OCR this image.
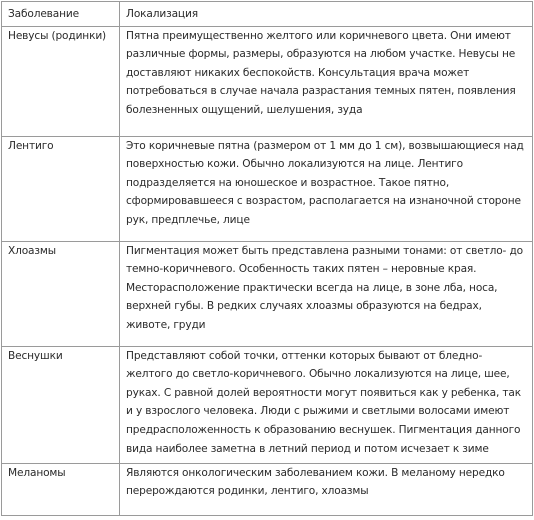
Заболевание	Локализация
Невусы (родинки)	Пятна преимущественно желтого или коричневого цвета. Они имеют различные формы, размеры, образуются на любом участке. Невусы не доставляют никаких беспокойств. Консультация врача может потребоваться в случае начала разрастания темных пятен, появления болезненных ощущений, шелушения, зуда
Лентиго	Это коричневые пятна (размером от 1 мм до 1 см), возвышающиеся над поверхностью кожи. Обычно локализуются на лице. Лентиго подразделяется на юношеское и возрастное. Такое пятно, сформировавшееся с возрастом, располагается на изнаночной стороне рук, предплечье, лице
Хлоазмы	Пигментация может быть представлена разными тонами: от светло- до темно-коричневого. Особенность таких пятен – неровные края. Месторасположение практически всегда на лице, в зоне лба, носа, верхней губы. В редких случаях хлоазмы образуются на бедрах, животе, груди
Веснушки	Представляют собой точки, оттенки которых бывают от бледно-желтого до светло-коричневого. Обычно локализуются на лице, шее, руках. С равной долей вероятности могут появиться как у ребенка, так и у взрослого человека. Люди с рыжими и светлыми волосами имеют предрасположенность к образованию веснушек. Пигментация данного вида наиболее заметна в летний период и потом исчезает к зиме
Меланомы	Являются онкологическим заболеванием кожи. В меланому нередко перерождаются родинки, лентиго, хлоазмы
